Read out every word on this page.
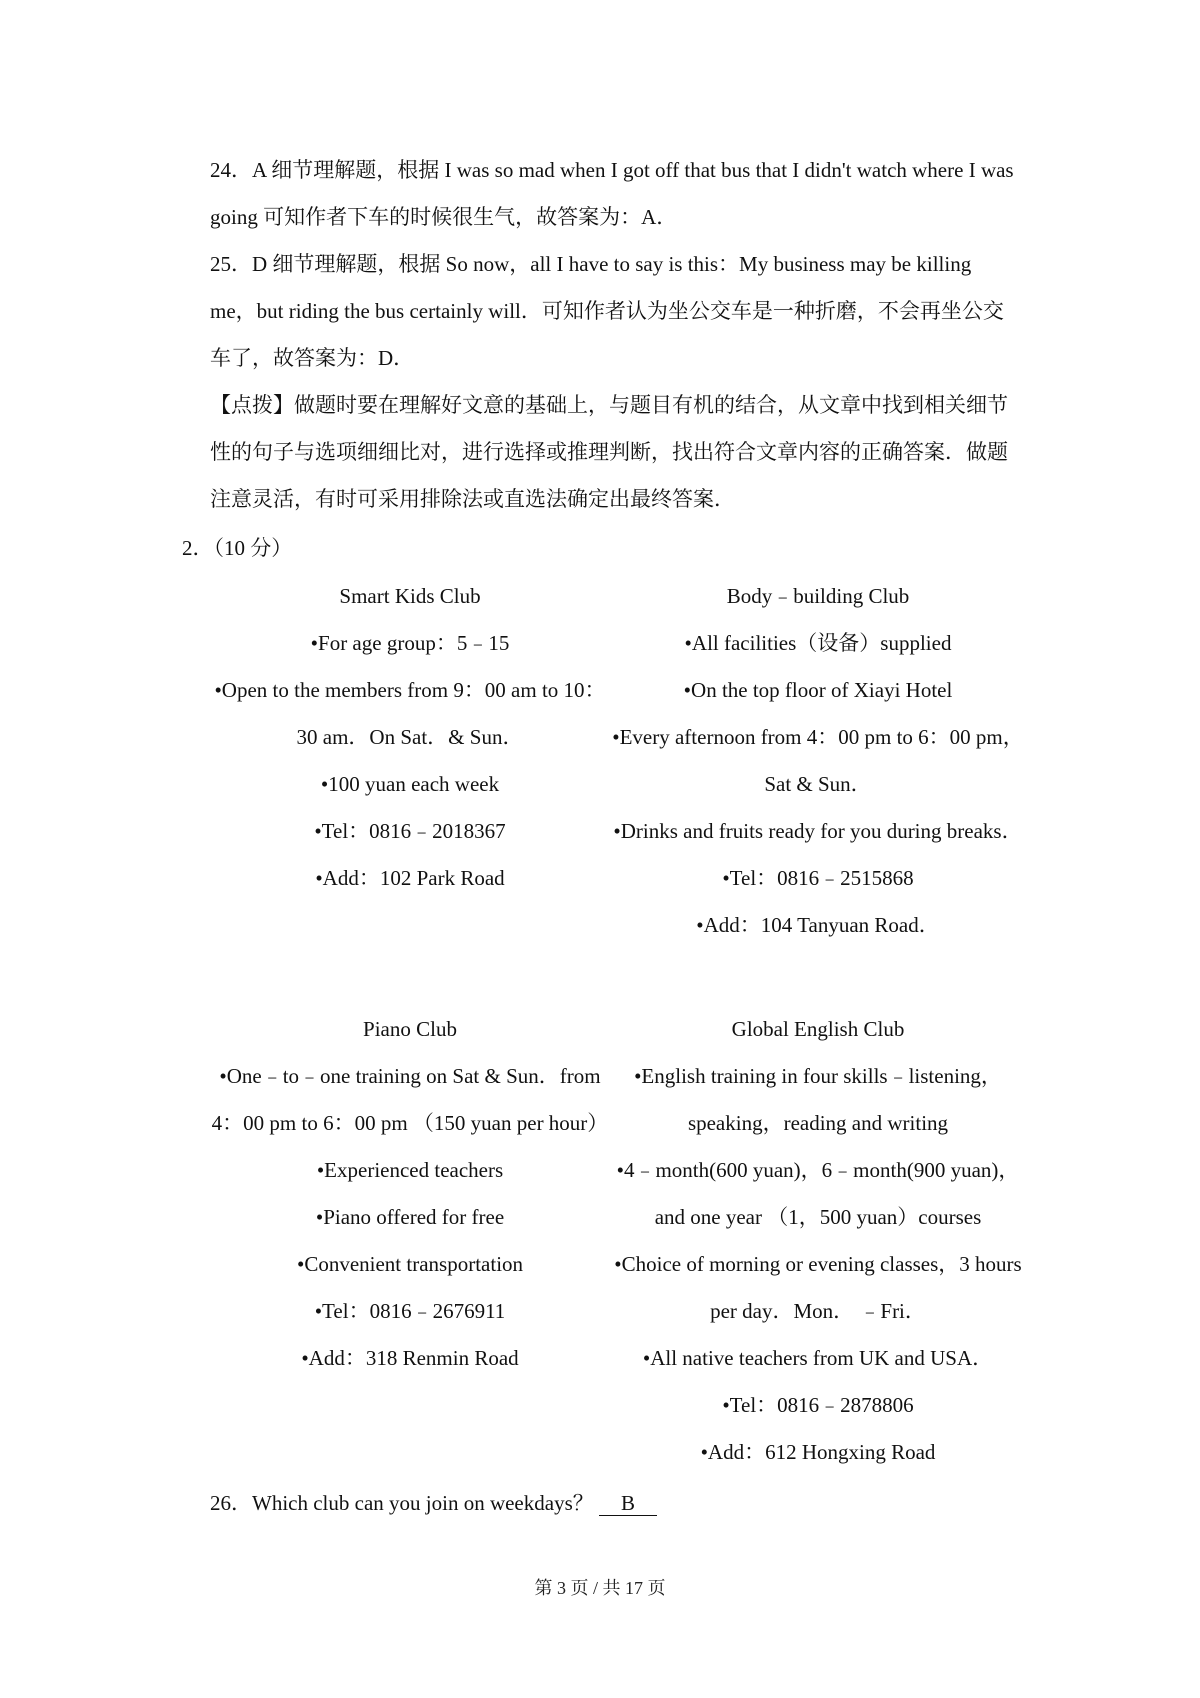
24．A 细节理解题，根据 I was so mad when I got off that bus that I didn't watch where I was going 可知作者下车的时候很生气，故答案为：A．
25．D 细节理解题，根据 So now，all I have to say is this：My business may be killing me，but riding the bus certainly will．可知作者认为坐公交车是一种折磨，不会再坐公交车了，故答案为：D．
【点拨】做题时要在理解好文意的基础上，与题目有机的结合，从文章中找到相关细节性的句子与选项细细比对，进行选择或推理判断，找出符合文章内容的正确答案．做题注意灵活，有时可采用排除法或直选法确定出最终答案．
2．（10 分）
Smart Kids Club
•For age group：5﹣15
•Open to the members from 9：00 am to 10：30 am．On Sat．& Sun．
•100 yuan each week
•Tel：0816﹣2018367
•Add：102 Park Road
Body﹣building Club
•All facilities（设备）supplied
•On the top floor of Xiayi Hotel
•Every afternoon from 4：00 pm to 6：00 pm，Sat & Sun．
•Drinks and fruits ready for you during breaks．
•Tel：0816﹣2515868
•Add：104 Tanyuan Road．
Piano Club
•One﹣to﹣one training on Sat & Sun．from 4：00 pm to 6：00 pm （150 yuan per hour）
•Experienced teachers
•Piano offered for free
•Convenient transportation
•Tel：0816﹣2676911
•Add：318 Renmin Road
Global English Club
•English training in four skills﹣listening，speaking，reading and writing
•4﹣month(600 yuan)，6﹣month(900 yuan)，and one year （1，500 yuan）courses
•Choice of morning or evening classes，3 hours per day．Mon． ﹣Fri．
•All native teachers from UK and USA．
•Tel：0816﹣2878806
•Add：612 Hongxing Road
26．Which club can you join on weekdays？ B
第 3 页 / 共 17 页
